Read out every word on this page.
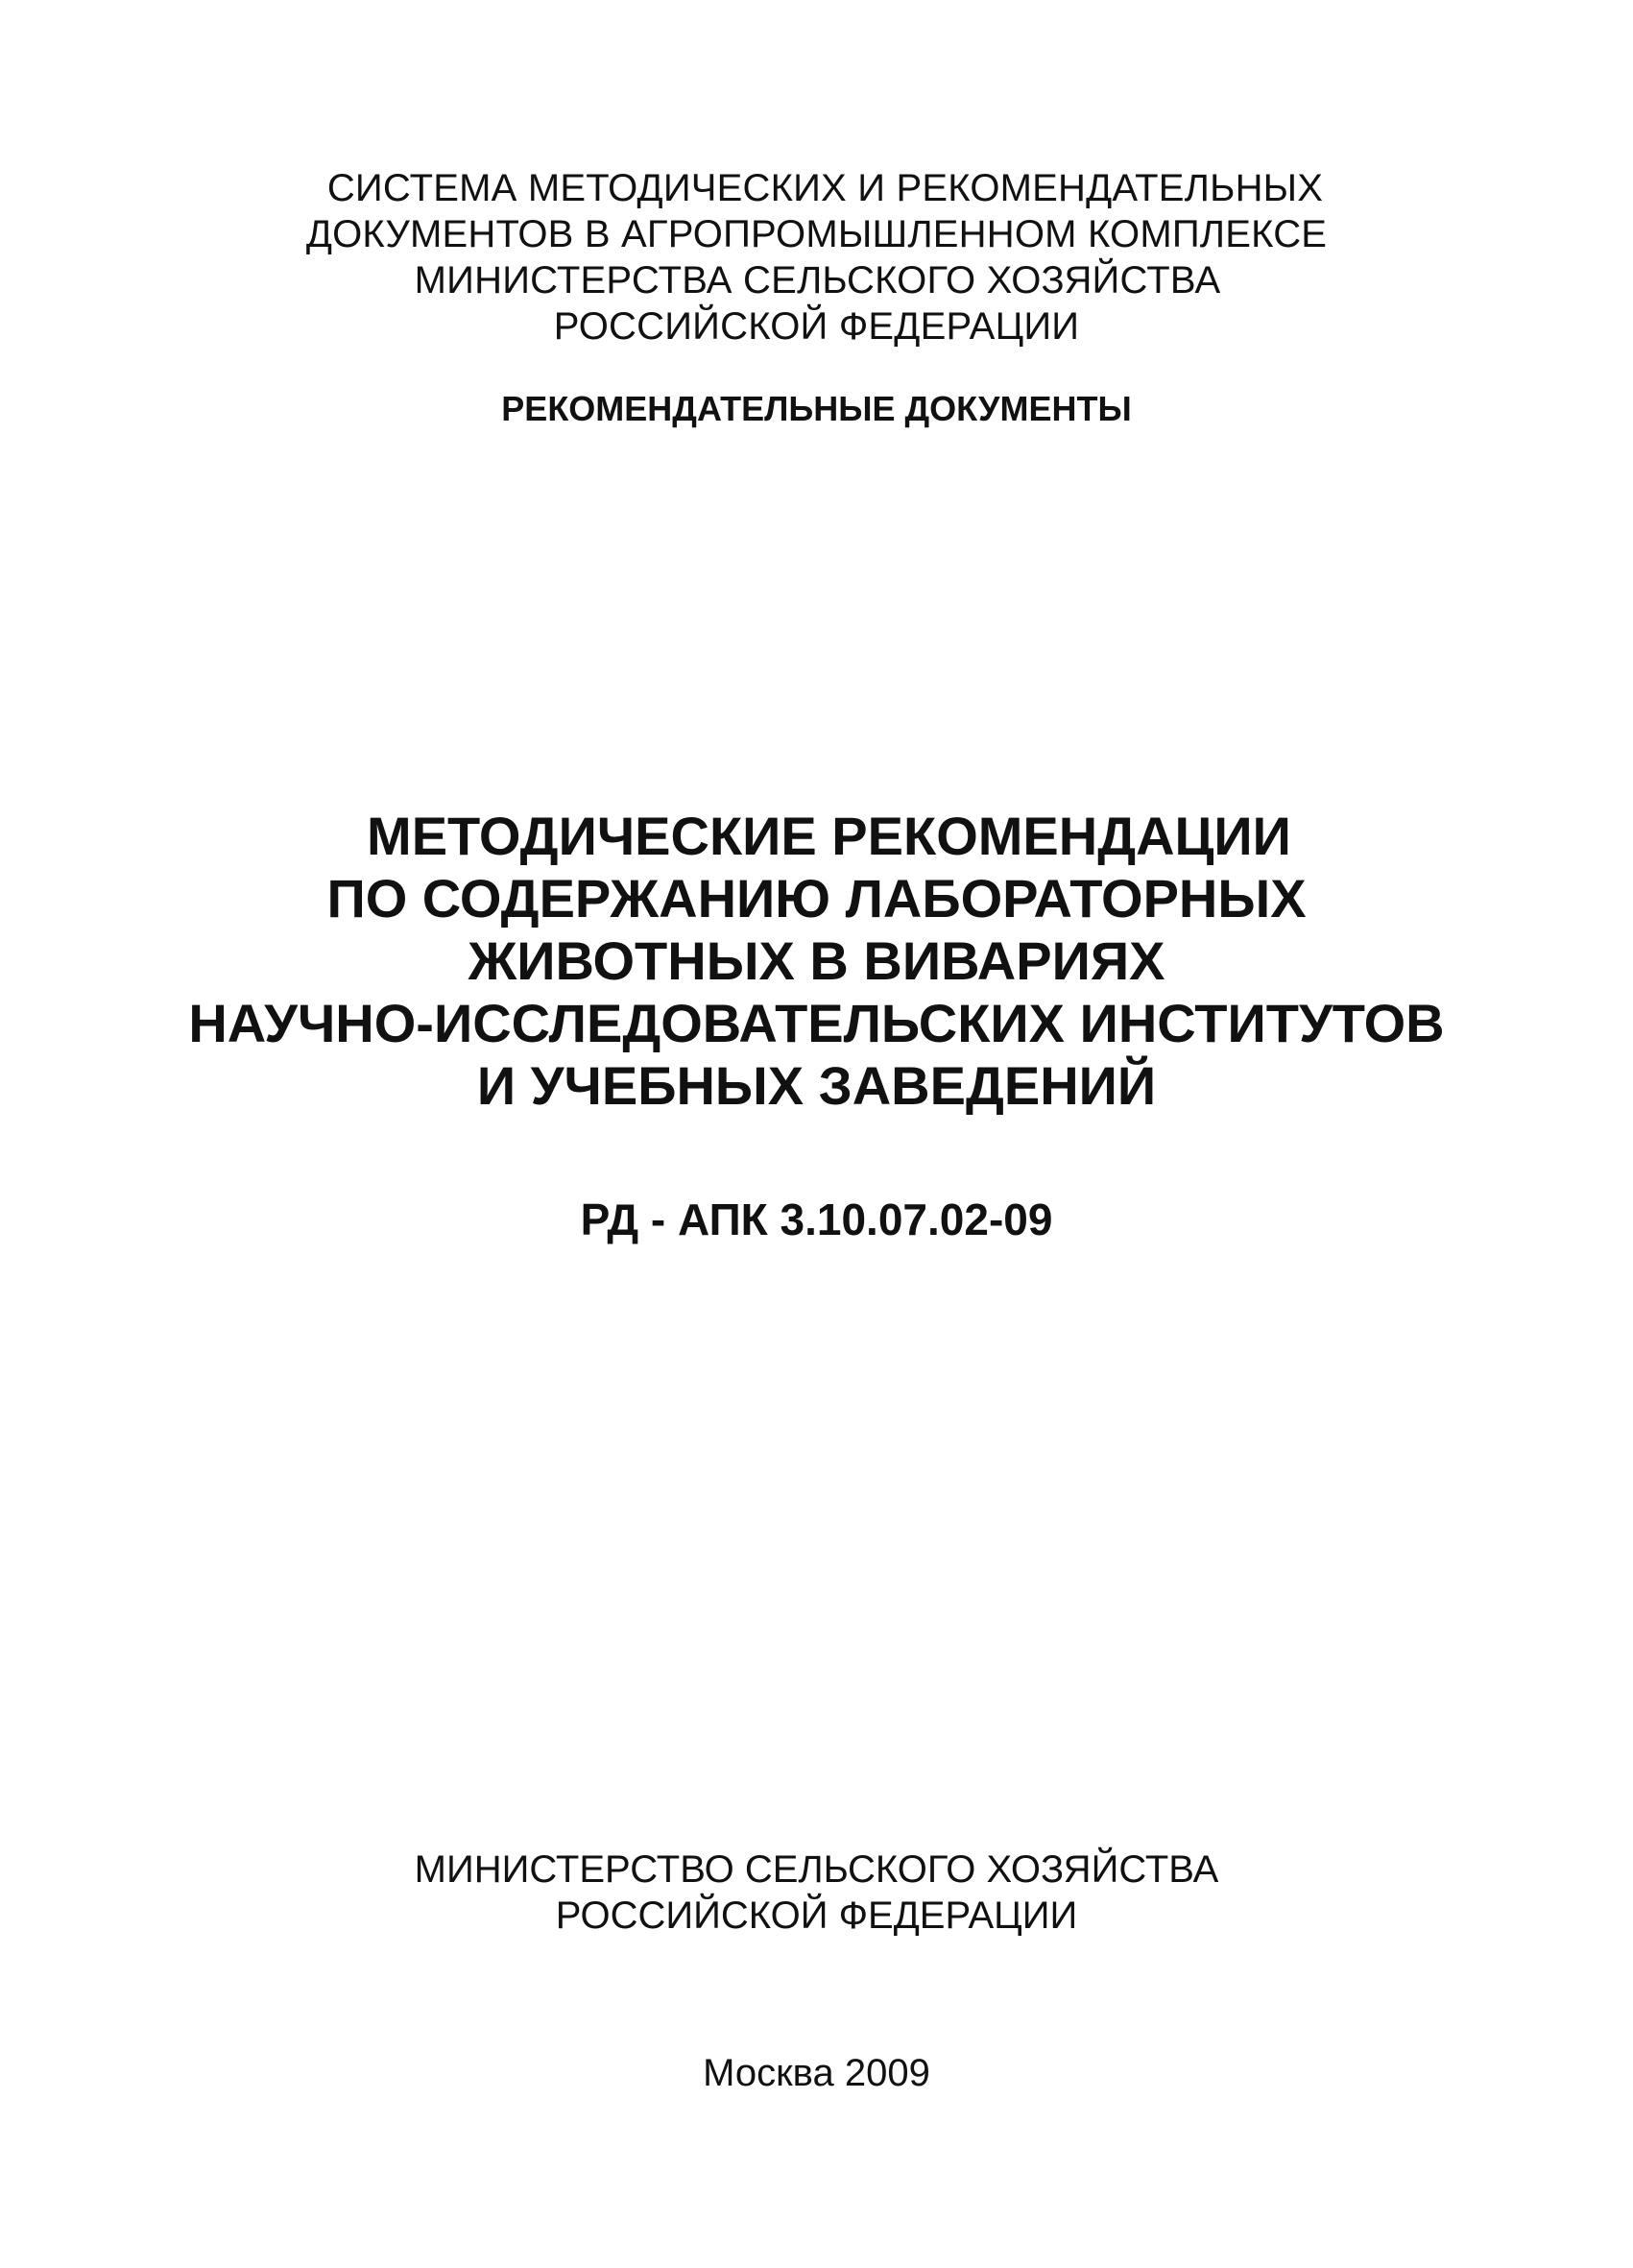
СИСТЕМА МЕТОДИЧЕСКИХ И РЕКОМЕНДАТЕЛЬНЫХ
ДОКУМЕНТОВ В АГРОПРОМЫШЛЕННОМ КОМПЛЕКСЕ
МИНИСТЕРСТВА СЕЛЬСКОГО ХОЗЯЙСТВА
РОССИЙСКОЙ ФЕДЕРАЦИИ
РЕКОМЕНДАТЕЛЬНЫЕ ДОКУМЕНТЫ
МЕТОДИЧЕСКИЕ РЕКОМЕНДАЦИИ
ПО СОДЕРЖАНИЮ ЛАБОРАТОРНЫХ
ЖИВОТНЫХ В ВИВАРИЯХ
НАУЧНО-ИССЛЕДОВАТЕЛЬСКИХ ИНСТИТУТОВ
И УЧЕБНЫХ ЗАВЕДЕНИЙ
РД - АПК 3.10.07.02-09
МИНИСТЕРСТВО СЕЛЬСКОГО ХОЗЯЙСТВА
РОССИЙСКОЙ ФЕДЕРАЦИИ
Москва 2009
